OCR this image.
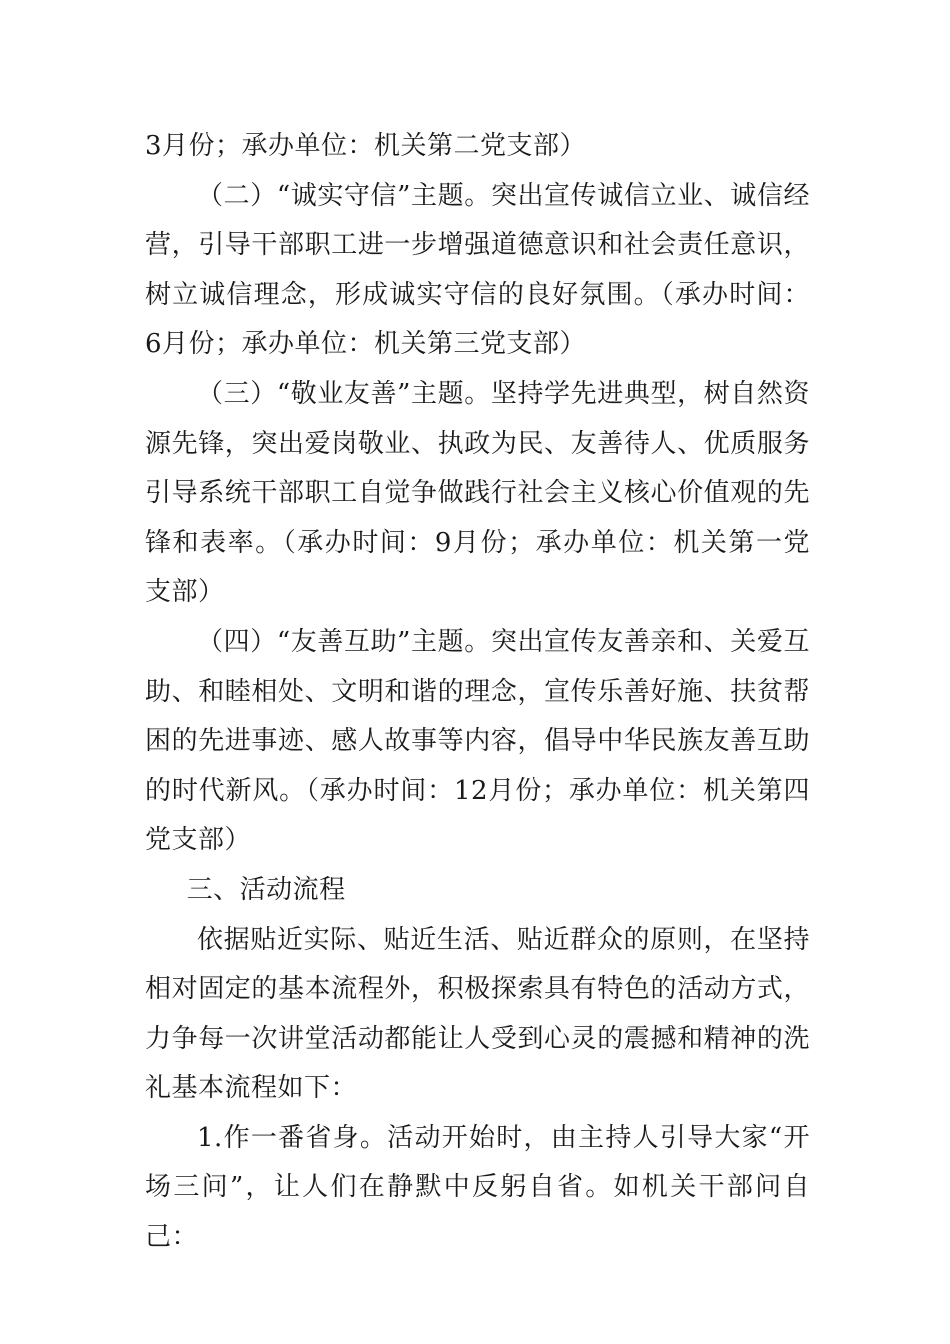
3月份；承办单位：机关第二党支部）

（二）“诚实守信”主题。突出宣传诚信立业、诚信经营，引导干部职工进一步增强道德意识和社会责任意识，树立诚信理念，形成诚实守信的良好氛围。（承办时间：6月份；承办单位：机关第三党支部）

（三）“敬业友善”主题。坚持学先进典型，树自然资源先锋，突出爱岗敬业、执政为民、友善待人、优质服务引导系统干部职工自觉争做践行社会主义核心价值观的先锋和表率。（承办时间：9月份；承办单位：机关第一党支部）

（四）“友善互助”主题。突出宣传友善亲和、关爱互助、和睦相处、文明和谐的理念，宣传乐善好施、扶贫帮困的先进事迹、感人故事等内容，倡导中华民族友善互助的时代新风。（承办时间：12月份；承办单位：机关第四党支部）

三、活动流程

依据贴近实际、贴近生活、贴近群众的原则，在坚持相对固定的基本流程外，积极探索具有特色的活动方式，力争每一次讲堂活动都能让人受到心灵的震撼和精神的洗礼基本流程如下：

1.作一番省身。活动开始时，由主持人引导大家“开场三问”，让人们在静默中反躬自省。如机关干部问自己：
